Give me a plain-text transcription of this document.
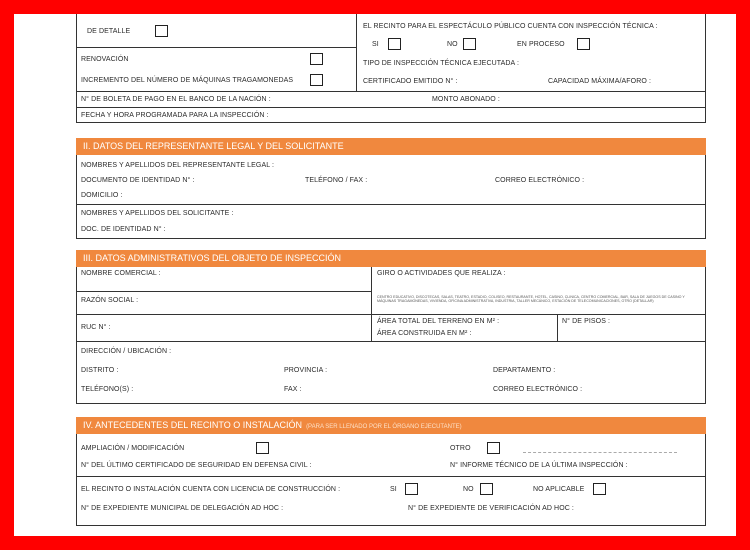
DE DETALLE
RENOVACIÓN
INCREMENTO DEL NÚMERO DE MÁQUINAS TRAGAMONEDAS
EL RECINTO PARA EL ESPECTÁCULO PÚBLICO CUENTA CON INSPECCIÓN TÉCNICA :
SI	NO	EN PROCESO
TIPO DE INSPECCIÓN TÉCNICA EJECUTADA :
CERTIFICADO EMITIDO N° :	CAPACIDAD MÁXIMA/AFORO :
N° DE BOLETA DE PAGO EN EL BANCO DE LA NACIÓN :	MONTO ABONADO :
FECHA Y HORA PROGRAMADA PARA LA INSPECCIÓN :
II. DATOS DEL REPRESENTANTE LEGAL Y DEL SOLICITANTE
NOMBRES Y APELLIDOS DEL REPRESENTANTE LEGAL :
DOCUMENTO DE IDENTIDAD N° :	TELÉFONO / FAX :	CORREO ELECTRÓNICO :
DOMICILIO :
NOMBRES Y APELLIDOS DEL SOLICITANTE :
DOC. DE IDENTIDAD N° :
III. DATOS ADMINISTRATIVOS DEL OBJETO DE INSPECCIÓN
NOMBRE COMERCIAL :	GIRO O ACTIVIDADES QUE REALIZA :
RAZÓN SOCIAL :	CENTRO EDUCATIVO, DISCOTECAS, SALAS, TEATRO, ESTADIO, COLISEO, RESTAURANTE, HOTEL, CASINO, CLINICA, CENTRO COMERCIAL, BAR, SALA DE JUEGOS DE CASINO Y MÁQUINAS TRAGAMONEDAS, VIVIENDA, OFICINA ADMINISTRATIVA, INDUSTRIA, TALLER MECÁNICO, ESTACIÓN DE TELECOMUNICACIONES, OTRO (DETALLAR)
RUC N° :
ÁREA TOTAL DEL TERRENO EN M² :
ÁREA CONSTRUIDA EN M² :
N° DE PISOS :
DIRECCIÓN / UBICACIÓN :
DISTRITO :	PROVINCIA :	DEPARTAMENTO :
TELÉFONO(S) :	FAX :	CORREO ELECTRÓNICO :
IV. ANTECEDENTES DEL RECINTO O INSTALACIÓN (PARA SER LLENADO POR EL ÓRGANO EJECUTANTE)
AMPLIACIÓN / MODIFICACIÓN	OTRO
N° DEL ÚLTIMO CERTIFICADO DE SEGURIDAD EN DEFENSA CIVIL :	N° INFORME TÉCNICO DE LA ÚLTIMA INSPECCIÓN :
EL RECINTO O INSTALACIÓN CUENTA CON LICENCIA DE CONSTRUCCIÓN :	SI	NO	NO APLICABLE
N° DE EXPEDIENTE MUNICIPAL DE DELEGACIÓN AD HOC :	N° DE EXPEDIENTE DE VERIFICACIÓN AD HOC :
